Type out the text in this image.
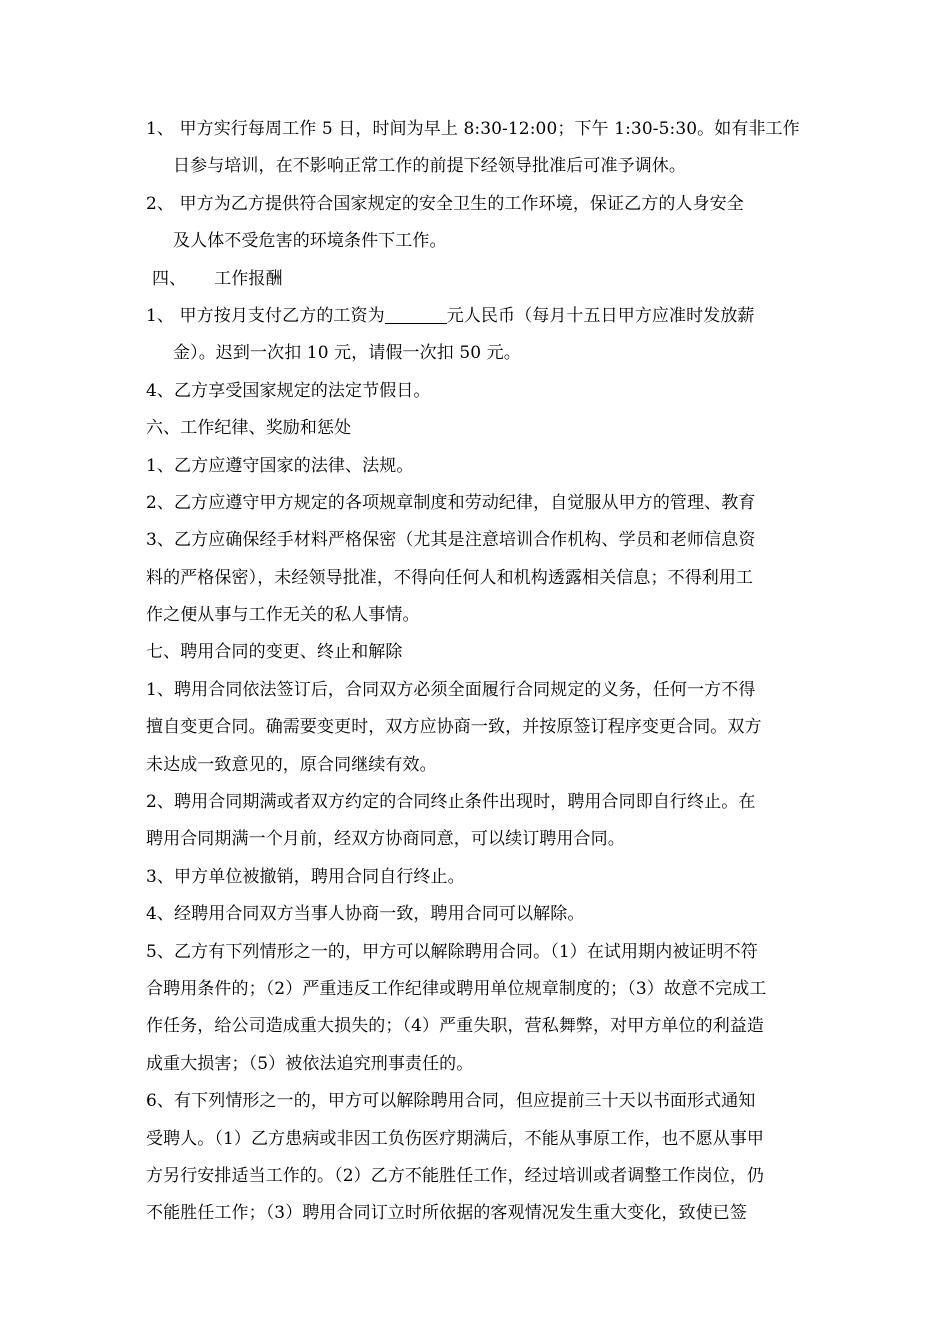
1、 甲方实行每周工作 5 日，时间为早上 8:30-12:00；下午 1:30-5:30。如有非工作
日参与培训，在不影响正常工作的前提下经领导批准后可准予调休。
2、 甲方为乙方提供符合国家规定的安全卫生的工作环境，保证乙方的人身安全
及人体不受危害的环境条件下工作。
四、 工作报酬
1、 甲方按月支付乙方的工资为	元人民币（每月十五日甲方应准时发放薪
金）。迟到一次扣 10 元，请假一次扣 50 元。
4、乙方享受国家规定的法定节假日。
六、工作纪律、奖励和惩处
1、乙方应遵守国家的法律、法规。
2、乙方应遵守甲方规定的各项规章制度和劳动纪律，自觉服从甲方的管理、教育
3、乙方应确保经手材料严格保密（尤其是注意培训合作机构、学员和老师信息资
料的严格保密），未经领导批准，不得向任何人和机构透露相关信息；不得利用工
作之便从事与工作无关的私人事情。
七、聘用合同的变更、终止和解除
1、聘用合同依法签订后，合同双方必须全面履行合同规定的义务，任何一方不得
擅自变更合同。确需要变更时，双方应协商一致，并按原签订程序变更合同。双方
未达成一致意见的，原合同继续有效。
2、聘用合同期满或者双方约定的合同终止条件出现时，聘用合同即自行终止。在
聘用合同期满一个月前，经双方协商同意，可以续订聘用合同。
3、甲方单位被撤销，聘用合同自行终止。
4、经聘用合同双方当事人协商一致，聘用合同可以解除。
5、乙方有下列情形之一的，甲方可以解除聘用合同。（1）在试用期内被证明不符
合聘用条件的；（2）严重违反工作纪律或聘用单位规章制度的；（3）故意不完成工
作任务，给公司造成重大损失的；（4）严重失职，营私舞弊，对甲方单位的利益造
成重大损害；（5）被依法追究刑事责任的。
6、有下列情形之一的，甲方可以解除聘用合同，但应提前三十天以书面形式通知
受聘人。（1）乙方患病或非因工负伤医疗期满后，不能从事原工作，也不愿从事甲
方另行安排适当工作的。（2）乙方不能胜任工作，经过培训或者调整工作岗位，仍
不能胜任工作；（3）聘用合同订立时所依据的客观情况发生重大变化，致使已签
